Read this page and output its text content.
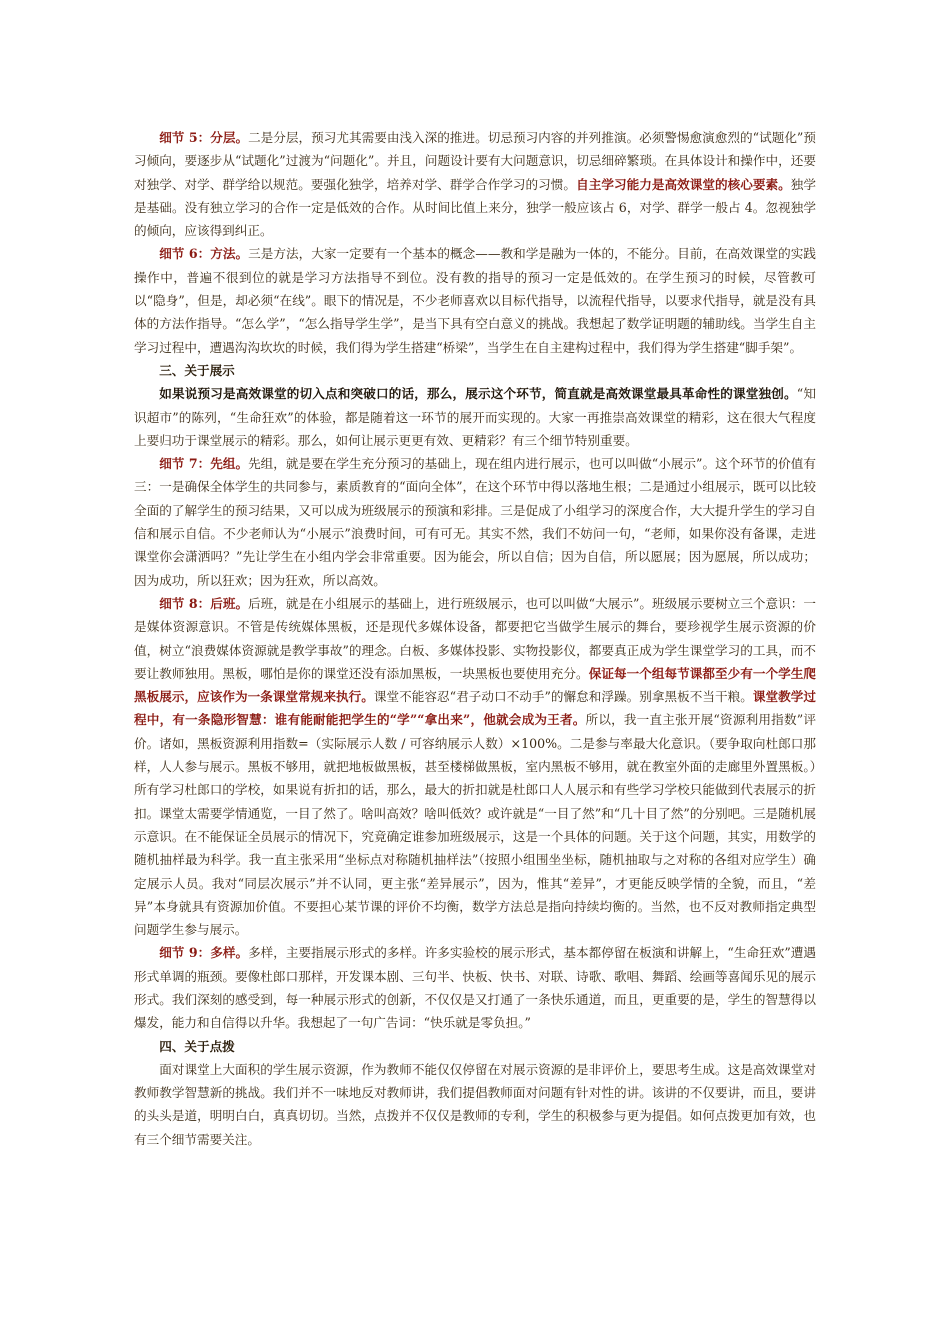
细节 5：分层。二是分层，预习尤其需要由浅入深的推进。切忌预习内容的并列推演。必须警惕愈演愈烈的“试题化”预习倾向，要逐步从“试题化”过渡为“问题化”。并且，问题设计要有大问题意识，切忌细碎繁琐。在具体设计和操作中，还要对独学、对学、群学给以规范。要强化独学，培养对学、群学合作学习的习惯。自主学习能力是高效课堂的核心要素。独学是基础。没有独立学习的合作一定是低效的合作。从时间比值上来分，独学一般应该占 6，对学、群学一般占 4。忽视独学的倾向，应该得到纠正。

细节 6：方法。三是方法，大家一定要有一个基本的概念——教和学是融为一体的，不能分。目前，在高效课堂的实践操作中，普遍不很到位的就是学习方法指导不到位。没有教的指导的预习一定是低效的。在学生预习的时候，尽管教可以“隐身”，但是，却必须“在线”。眼下的情况是，不少老师喜欢以目标代指导，以流程代指导，以要求代指导，就是没有具体的方法作指导。“怎么学”，“怎么指导学生学”，是当下具有空白意义的挑战。我想起了数学证明题的辅助线。当学生自主学习过程中，遭遇沟沟坎坎的时候，我们得为学生搭建“桥梁”，当学生在自主建构过程中，我们得为学生搭建“脚手架”。

三、关于展示

如果说预习是高效课堂的切入点和突破口的话，那么，展示这个环节，简直就是高效课堂最具革命性的课堂独创。“知识超市”的陈列，“生命狂欢”的体验，都是随着这一环节的展开而实现的。大家一再推崇高效课堂的精彩，这在很大气程度上要归功于课堂展示的精彩。那么，如何让展示更更有效、更精彩？有三个细节特别重要。

细节 7：先组。先组，就是要在学生充分预习的基础上，现在组内进行展示，也可以叫做“小展示”。这个环节的价值有三：一是确保全体学生的共同参与，素质教育的“面向全体”，在这个环节中得以落地生根；二是通过小组展示，既可以比较全面的了解学生的预习结果，又可以成为班级展示的预演和彩排。三是促成了小组学习的深度合作，大大提升学生的学习自信和展示自信。不少老师认为“小展示”浪费时间，可有可无。其实不然，我们不妨问一句，“老师，如果你没有备课，走进课堂你会潇洒吗？”先让学生在小组内学会非常重要。因为能会，所以自信；因为自信，所以愿展；因为愿展，所以成功；因为成功，所以狂欢；因为狂欢，所以高效。

细节 8：后班。后班，就是在小组展示的基础上，进行班级展示，也可以叫做“大展示”。班级展示要树立三个意识：一是媒体资源意识。不管是传统媒体黑板，还是现代多媒体设备，都要把它当做学生展示的舞台，要珍视学生展示资源的价值，树立“浪费媒体资源就是教学事故”的理念。白板、多媒体投影、实物投影仪，都要真正成为学生课堂学习的工具，而不要让教师独用。黑板，哪怕是你的课堂还没有添加黑板，一块黑板也要使用充分。保证每一个组每节课都至少有一个学生爬黑板展示，应该作为一条课堂常规来执行。课堂不能容忍“君子动口不动手”的懈怠和浮躁。别拿黑板不当干粮。课堂教学过程中，有一条隐形智慧：谁有能耐能把学生的“学”“拿出来”，他就会成为王者。所以，我一直主张开展“资源利用指数”评价。诸如，黑板资源利用指数=（实际展示人数 / 可容纳展示人数）×100%。二是参与率最大化意识。（要争取向杜郎口那样，人人参与展示。黑板不够用，就把地板做黑板，甚至楼梯做黑板，室内黑板不够用，就在教室外面的走廊里外置黑板。）所有学习杜郎口的学校，如果说有折扣的话，那么，最大的折扣就是杜郎口人人展示和有些学习学校只能做到代表展示的折扣。课堂太需要学情通览，一目了然了。啥叫高效？啥叫低效？或许就是“一目了然”和“几十目了然”的分别吧。三是随机展示意识。在不能保证全员展示的情况下，究竟确定谁参加班级展示，这是一个具体的问题。关于这个问题，其实，用数学的随机抽样最为科学。我一直主张采用“坐标点对称随机抽样法”（按照小组围坐坐标，随机抽取与之对称的各组对应学生）确定展示人员。我对“同层次展示”并不认同，更主张“差异展示”，因为，惟其“差异”，才更能反映学情的全貌，而且，“差异”本身就具有资源加价值。不要担心某节课的评价不均衡，数学方法总是指向持续均衡的。当然，也不反对教师指定典型问题学生参与展示。

细节 9：多样。多样，主要指展示形式的多样。许多实验校的展示形式，基本都停留在板演和讲解上，“生命狂欢”遭遇形式单调的瓶颈。要像杜郎口那样，开发课本剧、三句半、快板、快书、对联、诗歌、歌唱、舞蹈、绘画等喜闻乐见的展示形式。我们深刻的感受到，每一种展示形式的创新，不仅仅是又打通了一条快乐通道，而且，更重要的是，学生的智慧得以爆发，能力和自信得以升华。我想起了一句广告词：“快乐就是零负担。”

四、关于点拨

面对课堂上大面积的学生展示资源，作为教师不能仅仅停留在对展示资源的是非评价上，要思考生成。这是高效课堂对教师教学智慧新的挑战。我们并不一味地反对教师讲，我们提倡教师面对问题有针对性的讲。该讲的不仅要讲，而且，要讲的头头是道，明明白白，真真切切。当然，点拨并不仅仅是教师的专利，学生的积极参与更为提倡。如何点拨更加有效，也有三个细节需要关注。
